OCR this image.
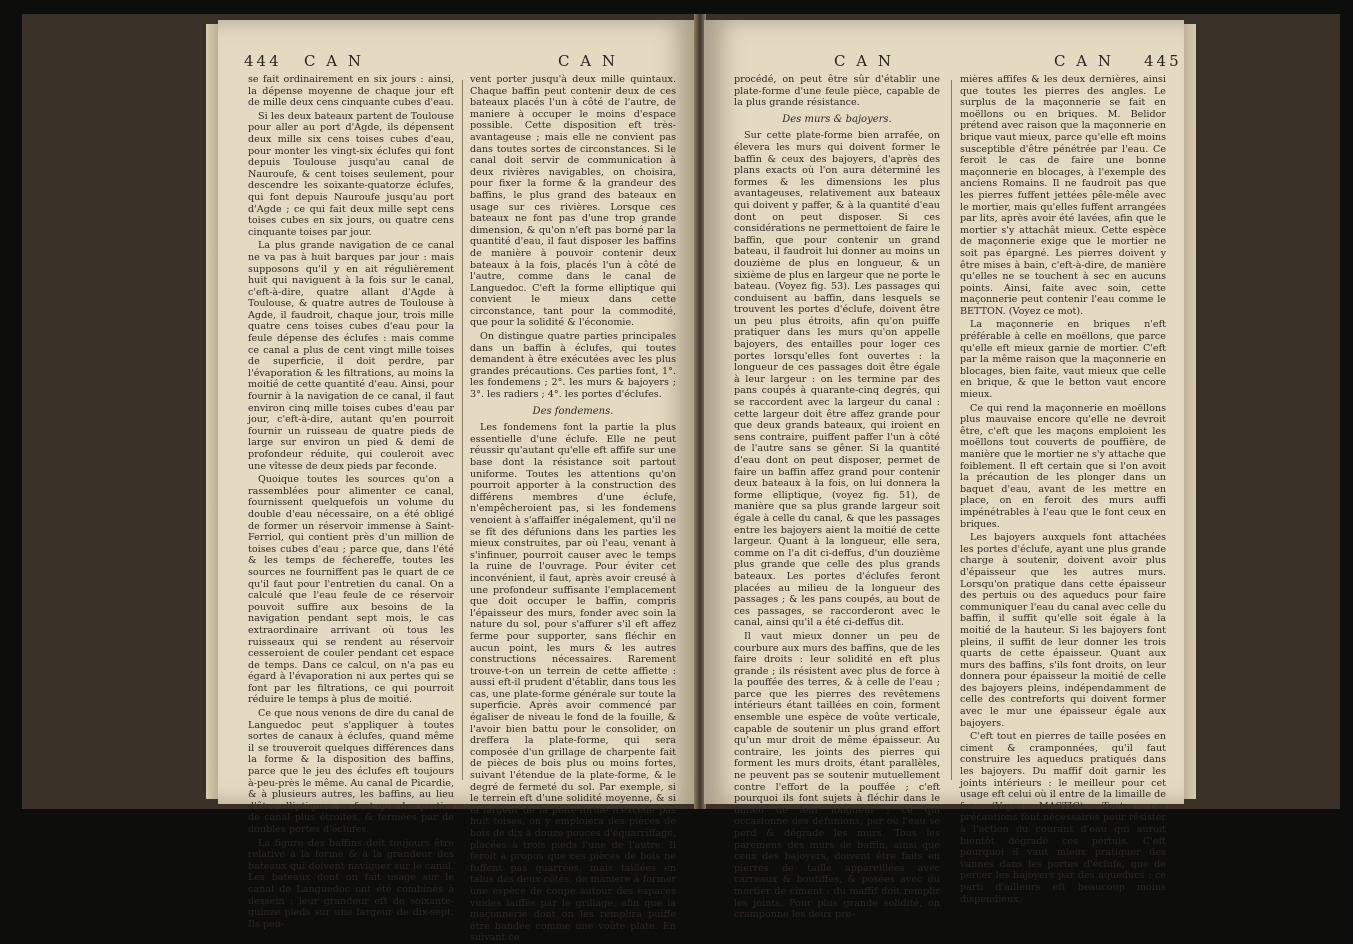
444 C A N	C A N

se fait ordinairement en six jours : ainsi, la dépense moyenne de chaque jour eft de mille deux cens cinquante cubes d'eau.

Si les deux bateaux partent de Toulouse pour aller au port d'Agde, ils dépensent deux mille six cens toises cubes d'eau, pour monter les vingt-six éclufes qui font depuis Toulouse jusqu'au canal de Nauroufe, & cent toises seulement, pour descendre les soixante-quatorze éclufes, qui font depuis Nauroufe jusqu'au port d'Agde ; ce qui fait deux mille sept cens toises cubes en six jours, ou quatre cens cinquante toises par jour.

La plus grande navigation de ce canal ne va pas à huit barques par jour : mais supposons qu'il y en ait régulièrement huit qui naviguent à la fois sur le canal, c'eft-à-dire, quatre allant d'Agde à Toulouse, & quatre autres de Toulouse à Agde, il faudroit, chaque jour, trois mille quatre cens toises cubes d'eau pour la feule dépense des éclufes : mais comme ce canal a plus de cent vingt mille toises de superficie, il doit perdre, par l'évaporation & les filtrations, au moins la moitié de cette quantité d'eau. Ainsi, pour fournir à la navigation de ce canal, il faut environ cinq mille toises cubes d'eau par jour, c'eft-à-dire, autant qu'en pourroit fournir un ruisseau de quatre pieds de large sur environ un pied & demi de profondeur réduite, qui couleroit avec une vîtesse de deux pieds par feconde.

Quoique toutes les sources qu'on a rassemblées pour alimenter ce canal, fournissent quelquefois un volume du double d'eau nécessaire, on a été obligé de former un réservoir immense à Saint-Ferriol, qui contient près d'un million de toises cubes d'eau ; parce que, dans l'été & les temps de féchereffe, toutes les sources ne fourniffent pas le quart de ce qu'il faut pour l'entretien du canal. On a calculé que l'eau feule de ce réservoir pouvoit suffire aux besoins de la navigation pendant sept mois, le cas extraordinaire arrivant où tous les ruisseaux qui se rendent au réservoir cesseroient de couler pendant cet espace de temps. Dans ce calcul, on n'a pas eu égard à l'évaporation ni aux pertes qui se font par les filtrations, ce qui pourroit réduire le temps à plus de moitié.

Ce que nous venons de dire du canal de Languedoc peut s'appliquer à toutes sortes de canaux à éclufes, quand même il se trouveroit quelques différences dans la forme & la disposition des baffins, parce que le jeu des éclufes eft toujours à-peu-près le même. Au canal de Picardie, & à plusieurs autres, les baffins, au lieu d'être elliptiques, ne font que des parties de canal plus étroites, & fermées par de doubles portes d'éclufes.

La figure des baffins doit toujours être relative à la forme & à la grandeur des bateaux qui doivent naviguer sur le canal. Les bateaux dont on fait usage sur le canal de Languedoc ont été combinés à dessein ; leur grandeur eft de soixante-quinze pieds sur une largeur de dix-sept. Ils peu-

vent porter jusqu'à deux mille quintaux. Chaque baffin peut contenir deux de ces bateaux placés l'un à côté de l'autre, de maniere à occuper le moins d'espace possible. Cette disposition eft très-avantageuse ; mais elle ne convient pas dans toutes sortes de circonstances. Si le canal doit servir de communication à deux rivières navigables, on choisira, pour fixer la forme & la grandeur des baffins, le plus grand des bateaux en usage sur ces rivières. Lorsque ces bateaux ne font pas d'une trop grande dimension, & qu'on n'eft pas borné par la quantité d'eau, il faut disposer les baffins de manière à pouvoir contenir deux bateaux à la fois, placés l'un à côté de l'autre, comme dans le canal de Languedoc. C'eft la forme elliptique qui convient le mieux dans cette circonstance, tant pour la commodité, que pour la solidité & l'économie.

On distingue quatre parties principales dans un baffin à éclufes, qui toutes demandent à être exécutées avec les plus grandes précautions. Ces parties font, 1°. les fondemens ; 2°. les murs & bajoyers ; 3°. les radiers ; 4°. les portes d'éclufes.

Des fondemens.

Les fondemens font la partie la plus essentielle d'une éclufe. Elle ne peut réussir qu'autant qu'elle eft affife sur une base dont la résistance soit partout uniforme. Toutes les attentions qu'on pourroit apporter à la construction des différens membres d'une éclufe, n'empêcheroient pas, si les fondemens venoient à s'affaiffer inégalement, qu'il ne se fît des défunions dans les parties les mieux construites, par où l'eau, venant à s'infinuer, pourroit causer avec le temps la ruine de l'ouvrage. Pour éviter cet inconvénient, il faut, après avoir creusé à une profondeur suffisante l'emplacement que doit occuper le baffin, compris l'épaisseur des murs, fonder avec soin la nature du sol, pour s'affurer s'il eft affez ferme pour supporter, sans fléchir en aucun point, les murs & les autres constructions nécessaires. Rarement trouve-t-on un terrein de cette affiette : aussi eft-il prudent d'établir, dans tous les cas, une plate-forme générale sur toute la superficie. Après avoir commencé par égaliser de niveau le fond de la fouille, & l'avoir bien battu pour le consolider, on dreffera la plate-forme, qui sera composée d'un grillage de charpente fait de pièces de bois plus ou moins fortes, suivant l'étendue de la plate-forme, & le degré de fermeté du sol. Par exemple, si le terrein eft d'une solidité moyenne, & si la largeur de la plate-forme n'excède pas huit toises, on y emploiera des pièces de bois de dix à douze pouces d'équarriffage, placées à trois pieds l'une de l'autre. Il feroit à propos que ces pièces de bois ne fuffent pas quarrées, mais taillées en talus des deux côtés, de maniere à former une espèce de coupe autour des espaces vuides laiffés par le grillage, afin que la maçonnerie dont on les remplira puiffe être bandée comme une voûte plate. En suivant ce

C A N	C A N 445

procédé, on peut être sûr d'établir une plate-forme d'une feule pièce, capable de la plus grande résistance.

Des murs & bajoyers.

Sur cette plate-forme bien arrafée, on élevera les murs qui doivent former le baffin & ceux des bajoyers, d'après des plans exacts où l'on aura déterminé les formes & les dimensions les plus avantageuses, relativement aux bateaux qui doivent y paffer, & à la quantité d'eau dont on peut disposer. Si ces considérations ne permettoient de faire le baffin, que pour contenir un grand bateau, il faudroit lui donner au moins un douzième de plus en longueur, & un sixième de plus en largeur que ne porte le bateau. (Voyez fig. 53). Les passages qui conduisent au baffin, dans lesquels se trouvent les portes d'éclufe, doivent être un peu plus étroits, afin qu'on puiffe pratiquer dans les murs qu'on appelle bajoyers, des entailles pour loger ces portes lorsqu'elles font ouvertes : la longueur de ces passages doit être égale à leur largeur : on les termine par des pans coupés à quarante-cinq degrés, qui se raccordent avec la largeur du canal : cette largeur doit être affez grande pour que deux grands bateaux, qui iroient en sens contraire, puiffent paffer l'un à côté de l'autre sans se gêner. Si la quantité d'eau dont on peut disposer, permet de faire un baffin affez grand pour contenir deux bateaux à la fois, on lui donnera la forme elliptique, (voyez fig. 51), de manière que sa plus grande largeur soit égale à celle du canal, & que les passages entre les bajoyers aient la moitié de cette largeur. Quant à la longueur, elle sera, comme on l'a dit ci-deffus, d'un douzième plus grande que celle des plus grands bateaux. Les portes d'éclufes feront placées au milieu de la longueur des passages ; & les pans coupés, au bout de ces passages, se raccorderont avec le canal, ainsi qu'il a été ci-deffus dit.

Il vaut mieux donner un peu de courbure aux murs des baffins, que de les faire droits : leur solidité en eft plus grande ; ils résistent avec plus de force à la pouffée des terres, & à celle de l'eau ; parce que les pierres des revêtemens intérieurs étant taillées en coin, forment ensemble une espèce de voûte verticale, capable de soutenir un plus grand effort qu'un mur droit de même épaisseur. Au contraire, les joints des pierres qui forment les murs droits, étant parallèles, ne peuvent pas se soutenir mutuellement contre l'effort de la pouffée ; c'eft pourquoi ils font sujets à fléchir dans le milieu de leur longueur ; ce qui occasionne des défunions, par où l'eau se perd & dégrade les murs. Tous les paremens des murs de baffin, ainsi que ceux des bajoyers, doivent être faits en pierres de taille appareillées avec carreaux & boutiffes, & posées avec du mortier de ciment : du maffif doit remplir les joints. Pour plus grande solidité, on cramponne les deux pre-

mières affifes & les deux dernières, ainsi que toutes les pierres des angles. Le surplus de la maçonnerie se fait en moëllons ou en briques. M. Belidor prétend avec raison que la maçonnerie en brique vaut mieux, parce qu'elle eft moins susceptible d'être pénétrée par l'eau. Ce feroit le cas de faire une bonne maçonnerie en blocages, à l'exemple des anciens Romains. Il ne faudroit pas que les pierres fuffent jettées pêle-mêle avec le mortier, mais qu'elles fuffent arrangées par lits, après avoir été lavées, afin que le mortier s'y attachât mieux. Cette espèce de maçonnerie exige que le mortier ne soit pas épargné. Les pierres doivent y être mises à bain, c'eft-à-dire, de manière qu'elles ne se touchent à sec en aucuns points. Ainsi, faite avec soin, cette maçonnerie peut contenir l'eau comme le BETTON. (Voyez ce mot).

La maçonnerie en briques n'eft préférable à celle en moëllons, que parce qu'elle eft mieux garnie de mortier. C'eft par la même raison que la maçonnerie en blocages, bien faite, vaut mieux que celle en brique, & que le betton vaut encore mieux.

Ce qui rend la maçonnerie en moëllons plus mauvaise encore qu'elle ne devroit être, c'eft que les maçons emploient les moëllons tout couverts de pouffière, de manière que le mortier ne s'y attache que foiblement. Il eft certain que si l'on avoit la précaution de les plonger dans un baquet d'eau, avant de les mettre en place, on en feroit des murs auffi impénétrables à l'eau que le font ceux en briques.

Les bajoyers auxquels font attachées les portes d'éclufe, ayant une plus grande charge à soutenir, doivent avoir plus d'épaisseur que les autres murs. Lorsqu'on pratique dans cette épaisseur des pertuis ou des aqueducs pour faire communiquer l'eau du canal avec celle du baffin, il suffit qu'elle soit égale à la moitié de la hauteur. Si les bajoyers font pleins, il suffit de leur donner les trois quarts de cette épaisseur. Quant aux murs des baffins, s'ils font droits, on leur donnera pour épaisseur la moitié de celle des bajoyers pleins, indépendamment de celle des contreforts qui doivent former avec le mur une épaisseur égale aux bajoyers.

C'eft tout en pierres de taille posées en ciment & cramponnées, qu'il faut construire les aqueducs pratiqués dans les bajoyers. Du maffif doit garnir les joints intérieurs : le meilleur pour cet usage eft celui où il entre de la limaille de fer. (Voyez MASTIC). Toutes ces précautions font nécessaires pour résister à l'action du courant d'eau qui auroit bientôt dégradé ces pertuis. C'eft pourquoi il vaut mieux pratiquer des vannes dans les portes d'éclufe, que de percer les bajoyers par des aqueducs : ce parti d'ailleurs eft beaucoup moins dispendieux.
